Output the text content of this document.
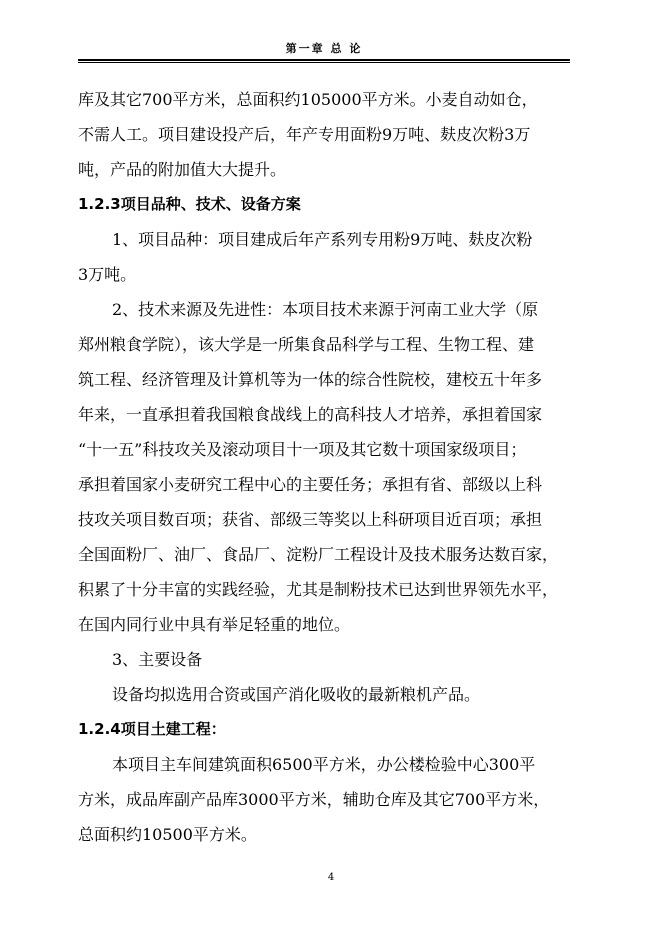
第一章 总 论

库及其它700平方米，总面积约105000平方米。小麦自动如仓，

不需人工。项目建设投产后，年产专用面粉9万吨、麸皮次粉3万

吨，产品的附加值大大提升。

1.2.3项目品种、技术、设备方案

1、项目品种：项目建成后年产系列专用粉9万吨、麸皮次粉

3万吨。

2、技术来源及先进性：本项目技术来源于河南工业大学（原

郑州粮食学院），该大学是一所集食品科学与工程、生物工程、建

筑工程、经济管理及计算机等为一体的综合性院校，建校五十年多

年来，一直承担着我国粮食战线上的高科技人才培养，承担着国家

“十一五”科技攻关及滚动项目十一项及其它数十项国家级项目；

承担着国家小麦研究工程中心的主要任务；承担有省、部级以上科

技攻关项目数百项；获省、部级三等奖以上科研项目近百项；承担

全国面粉厂、油厂、食品厂、淀粉厂工程设计及技术服务达数百家，

积累了十分丰富的实践经验，尤其是制粉技术已达到世界领先水平，

在国内同行业中具有举足轻重的地位。

3、主要设备

设备均拟选用合资或国产消化吸收的最新粮机产品。

1.2.4项目土建工程：

本项目主车间建筑面积6500平方米，办公楼检验中心300平

方米，成品库副产品库3000平方米，辅助仓库及其它700平方米，

总面积约10500平方米。

4
